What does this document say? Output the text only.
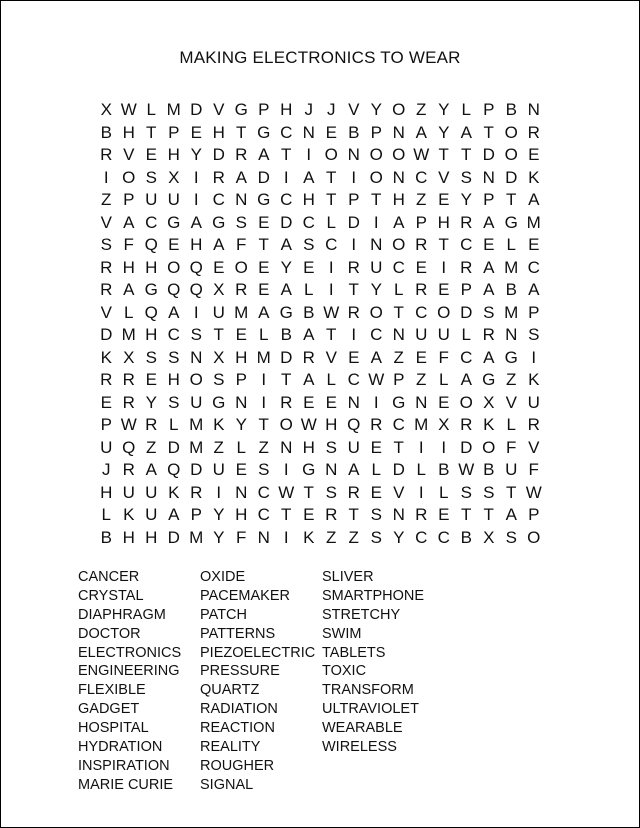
MAKING ELECTRONICS TO WEAR
X W L M D V G P H J J V Y O Z Y L P B N
B H T P E H T G C N E B P N A Y A T O R
R V E H Y D R A T I O N O O W T T D O E
I O S X I R A D I A T I O N C V S N D K
Z P U U I C N G C H T P T H Z E Y P T A
V A C G A G S E D C L D I A P H R A G M
S F Q E H A F T A S C I N O R T C E L E
R H H O Q E O E Y E I R U C E I R A M C
R A G Q Q X R E A L I T Y L R E P A B A
V L Q A I U M A G B W R O T C O D S M P
D M H C S T E L B A T I C N U U L R N S
K X S S N X H M D R V E A Z E F C A G I
R R E H O S P I T A L C W P Z L A G Z K
E R Y S U G N I R E E N I G N E O X V U
P W R L M K Y T O W H Q R C M X R K L R
U Q Z D M Z L Z N H S U E T I	I D O F V
J R A Q D U E S I G N A L D L B W B U F
H U U K R I N C W T S R E V I L S S T W
L K U A P Y H C T E R T S N R E T T A P
B H H D M Y F N I K Z Z S Y C C B X S O
CANCER
CRYSTAL
DIAPHRAGM
DOCTOR
ELECTRONICS
ENGINEERING
FLEXIBLE
GADGET
HOSPITAL
HYDRATION
INSPIRATION
MARIE CURIE
OXIDE
PACEMAKER
PATCH
PATTERNS
PIEZOELECTRIC
PRESSURE
QUARTZ
RADIATION
REACTION
REALITY
ROUGHER
SIGNAL
SLIVER
SMARTPHONE
STRETCHY
SWIM
TABLETS
TOXIC
TRANSFORM
ULTRAVIOLET
WEARABLE
WIRELESS
